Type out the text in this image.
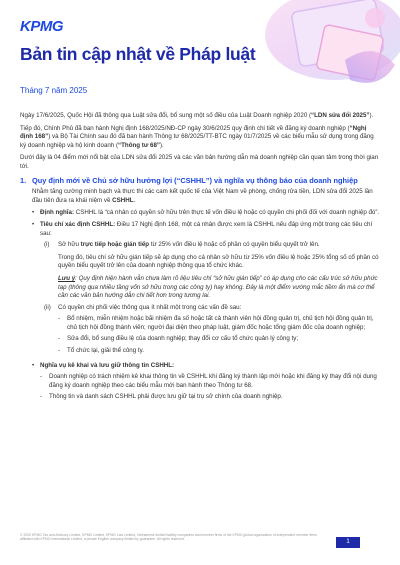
KPMG
Bản tin cập nhật về Pháp luật
Tháng 7 năm 2025

Ngày 17/6/2025, Quốc Hội đã thông qua Luật sửa đổi, bổ sung một số điều của Luật Doanh nghiệp 2020 (“LDN sửa đổi 2025”).

Tiếp đó, Chính Phủ đã ban hành Nghị định 168/2025/NĐ-CP ngày 30/6/2025 quy định chi tiết về đăng ký doanh nghiệp (“Nghị định 168”) và Bộ Tài Chính sau đó đã ban hành Thông tư 68/2025/TT-BTC ngày 01/7/2025 về các biểu mẫu sử dụng trong đăng ký doanh nghiệp và hộ kinh doanh (“Thông tư 68”).

Dưới đây là 04 điểm mới nổi bật của LDN sửa đổi 2025 và các văn bản hướng dẫn mà doanh nghiệp cần quan tâm trong thời gian tới.

1. Quy định mới về Chủ sở hữu hưởng lợi (“CSHHL”) và nghĩa vụ thông báo của doanh nghiệp

Nhằm tăng cường minh bạch và thực thi các cam kết quốc tế của Việt Nam về phòng, chống rửa tiền, LDN sửa đổi 2025 lần đầu tiên đưa ra khái niệm về CSHHL.

• Định nghĩa: CSHHL là “cá nhân có quyền sở hữu trên thực tế vốn điều lệ hoặc có quyền chi phối đối với doanh nghiệp đó”.
• Tiêu chí xác định CSHHL: Điều 17 Nghị định 168, một cá nhân được xem là CSHHL nếu đáp ứng một trong các tiêu chí sau:
(i)	Sở hữu trực tiếp hoặc gián tiếp từ 25% vốn điều lệ hoặc cổ phần có quyền biểu quyết trở lên.
Trong đó, tiêu chí sở hữu gián tiếp sẽ áp dụng cho cá nhân sở hữu từ 25% vốn điều lệ hoặc 25% tổng số cổ phần có quyền biểu quyết trở lên của doanh nghiệp thông qua tổ chức khác.
Lưu ý: Quy định hiện hành vẫn chưa làm rõ liệu tiêu chí “sở hữu gián tiếp” có áp dụng cho các cấu trúc sở hữu phức tạp (thông qua nhiều tầng vốn sở hữu trong các công ty) hay không. Đây là một điểm vướng mắc tiềm ẩn mà cơ thể cần các văn bản hướng dẫn chi tiết hơn trong tương lai.
(ii)	Có quyền chi phối việc thông qua ít nhất một trong các vấn đề sau:
-	Bổ nhiệm, miễn nhiệm hoặc bãi nhiệm đa số hoặc tất cả thành viên hội đồng quản trị, chủ tịch hội đồng quản trị, chủ tịch hội đồng thành viên; người đại diện theo pháp luật, giám đốc hoặc tổng giám đốc của doanh nghiệp;
-	Sửa đổi, bổ sung điều lệ của doanh nghiệp; thay đổi cơ cấu tổ chức quản lý công ty;
-	Tổ chức lại, giải thể công ty.
• Nghĩa vụ kê khai và lưu giữ thông tin CSHHL:
-	Doanh nghiệp có trách nhiệm kê khai thông tin về CSHHL khi đăng ký thành lập mới hoặc khi đăng ký thay đổi nội dung đăng ký doanh nghiệp theo các biểu mẫu mới ban hành theo Thông tư 68.
-	Thông tin và danh sách CSHHL phải được lưu giữ tại trụ sở chính của doanh nghiệp.
© 2025 KPMG Tax and Advisory Limited, KPMG Limited, KPMG Law Limited, Vietnamese limited liability companies and member firms of the KPMG global organization of independent member firms affiliated with KPMG International Limited, a private English company limited by guarantee. All rights reserved.	1
